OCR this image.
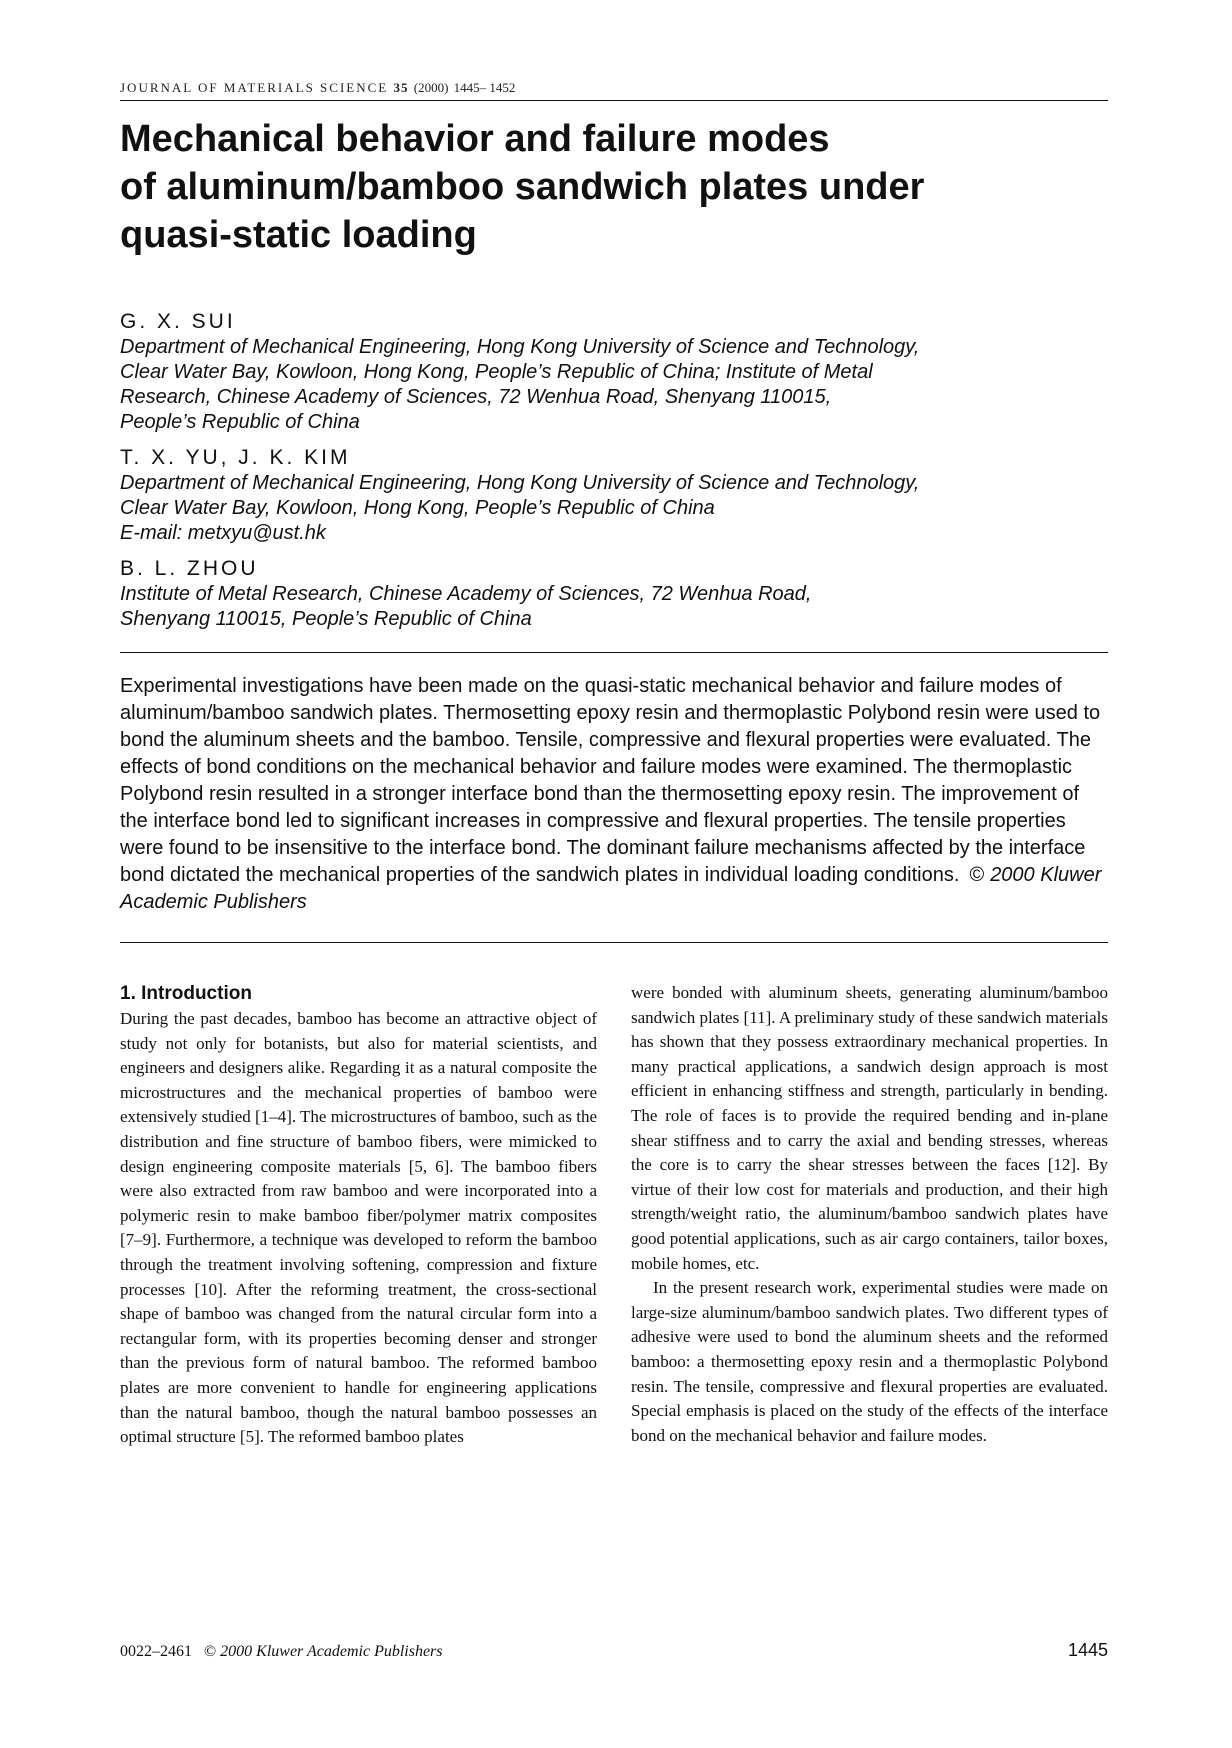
JOURNAL OF MATERIALS SCIENCE 35 (2000) 1445– 1452
Mechanical behavior and failure modes
of aluminum/bamboo sandwich plates under
quasi-static loading
G. X. SUI
Department of Mechanical Engineering, Hong Kong University of Science and Technology,
Clear Water Bay, Kowloon, Hong Kong, People’s Republic of China; Institute of Metal
Research, Chinese Academy of Sciences, 72 Wenhua Road, Shenyang 110015,
People’s Republic of China
T. X. YU, J. K. KIM
Department of Mechanical Engineering, Hong Kong University of Science and Technology,
Clear Water Bay, Kowloon, Hong Kong, People’s Republic of China
E-mail: metxyu@ust.hk
B. L. ZHOU
Institute of Metal Research, Chinese Academy of Sciences, 72 Wenhua Road,
Shenyang 110015, People’s Republic of China
Experimental investigations have been made on the quasi-static mechanical behavior and failure modes of aluminum/bamboo sandwich plates. Thermosetting epoxy resin and thermoplastic Polybond resin were used to bond the aluminum sheets and the bamboo. Tensile, compressive and flexural properties were evaluated. The effects of bond conditions on the mechanical behavior and failure modes were examined. The thermoplastic Polybond resin resulted in a stronger interface bond than the thermosetting epoxy resin. The improvement of the interface bond led to significant increases in compressive and flexural properties. The tensile properties were found to be insensitive to the interface bond. The dominant failure mechanisms affected by the interface bond dictated the mechanical properties of the sandwich plates in individual loading conditions. © 2000 Kluwer Academic Publishers
1. Introduction

During the past decades, bamboo has become an attractive object of study not only for botanists, but also for material scientists, and engineers and designers alike. Regarding it as a natural composite the microstructures and the mechanical properties of bamboo were extensively studied [1–4]. The microstructures of bamboo, such as the distribution and fine structure of bamboo fibers, were mimicked to design engineering composite materials [5, 6]. The bamboo fibers were also extracted from raw bamboo and were incorporated into a polymeric resin to make bamboo fiber/polymer matrix composites [7–9]. Furthermore, a technique was developed to reform the bamboo through the treatment involving softening, compression and fixture processes [10]. After the reforming treatment, the cross-sectional shape of bamboo was changed from the natural circular form into a rectangular form, with its properties becoming denser and stronger than the previous form of natural bamboo. The reformed bamboo plates are more convenient to handle for engineering applications than the natural bamboo, though the natural bamboo possesses an optimal structure [5]. The reformed bamboo plates

were bonded with aluminum sheets, generating aluminum/bamboo sandwich plates [11]. A preliminary study of these sandwich materials has shown that they possess extraordinary mechanical properties. In many practical applications, a sandwich design approach is most efficient in enhancing stiffness and strength, particularly in bending. The role of faces is to provide the required bending and in-plane shear stiffness and to carry the axial and bending stresses, whereas the core is to carry the shear stresses between the faces [12]. By virtue of their low cost for materials and production, and their high strength/weight ratio, the aluminum/bamboo sandwich plates have good potential applications, such as air cargo containers, tailor boxes, mobile homes, etc.

In the present research work, experimental studies were made on large-size aluminum/bamboo sandwich plates. Two different types of adhesive were used to bond the aluminum sheets and the reformed bamboo: a thermosetting epoxy resin and a thermoplastic Polybond resin. The tensile, compressive and flexural properties are evaluated. Special emphasis is placed on the study of the effects of the interface bond on the mechanical behavior and failure modes.

0022–2461 © 2000 Kluwer Academic Publishers	1445
